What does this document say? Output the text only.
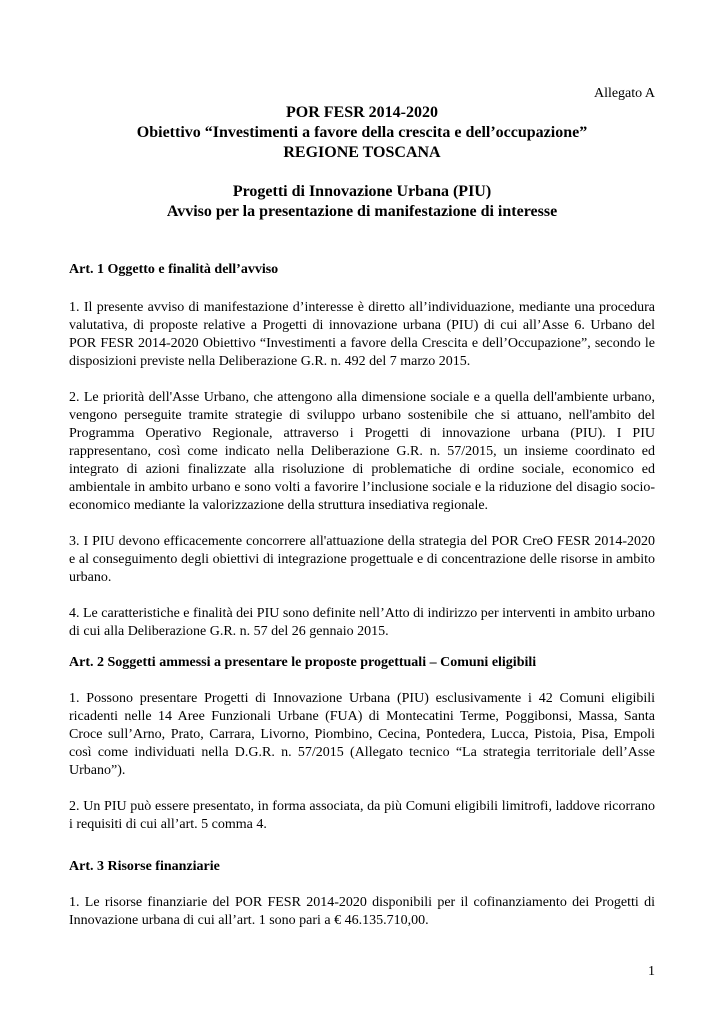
Allegato A
POR FESR 2014-2020
Obiettivo “Investimenti a favore della crescita e dell’occupazione”
REGIONE TOSCANA
Progetti di Innovazione Urbana (PIU)
Avviso per la presentazione di manifestazione di interesse
Art. 1 Oggetto e finalità dell’avviso

1. Il presente avviso di manifestazione d’interesse è diretto all’individuazione, mediante una procedura valutativa, di proposte relative a Progetti di innovazione urbana (PIU) di cui all’Asse 6. Urbano del POR FESR 2014-2020 Obiettivo “Investimenti a favore della Crescita e dell’Occupazione”, secondo le disposizioni previste nella Deliberazione G.R. n. 492 del 7 marzo 2015.

2. Le priorità dell'Asse Urbano, che attengono alla dimensione sociale e a quella dell'ambiente urbano, vengono perseguite tramite strategie di sviluppo urbano sostenibile che si attuano, nell'ambito del Programma Operativo Regionale, attraverso i Progetti di innovazione urbana (PIU). I PIU rappresentano, così come indicato nella Deliberazione G.R. n. 57/2015, un insieme coordinato ed integrato di azioni finalizzate alla risoluzione di problematiche di ordine sociale, economico ed ambientale in ambito urbano e sono volti a favorire l’inclusione sociale e la riduzione del disagio socio-economico mediante la valorizzazione della struttura insediativa regionale.

3. I PIU devono efficacemente concorrere all'attuazione della strategia del POR CreO FESR 2014-2020 e al conseguimento degli obiettivi di integrazione progettuale e di concentrazione delle risorse in ambito urbano.

4. Le caratteristiche e finalità dei PIU sono definite nell’Atto di indirizzo per interventi in ambito urbano di cui alla Deliberazione G.R. n. 57 del 26 gennaio 2015.

Art. 2 Soggetti ammessi a presentare le proposte progettuali – Comuni eligibili

1. Possono presentare Progetti di Innovazione Urbana (PIU) esclusivamente i 42 Comuni eligibili ricadenti nelle 14 Aree Funzionali Urbane (FUA) di Montecatini Terme, Poggibonsi, Massa, Santa Croce sull’Arno, Prato, Carrara, Livorno, Piombino, Cecina, Pontedera, Lucca, Pistoia, Pisa, Empoli così come individuati nella D.G.R. n. 57/2015 (Allegato tecnico “La strategia territoriale dell’Asse Urbano”).

2. Un PIU può essere presentato, in forma associata, da più Comuni eligibili limitrofi, laddove ricorrano i requisiti di cui all’art. 5 comma 4.

Art. 3 Risorse finanziarie

1. Le risorse finanziarie del POR FESR 2014-2020 disponibili per il cofinanziamento dei Progetti di Innovazione urbana di cui all’art. 1 sono pari a € 46.135.710,00.

1
